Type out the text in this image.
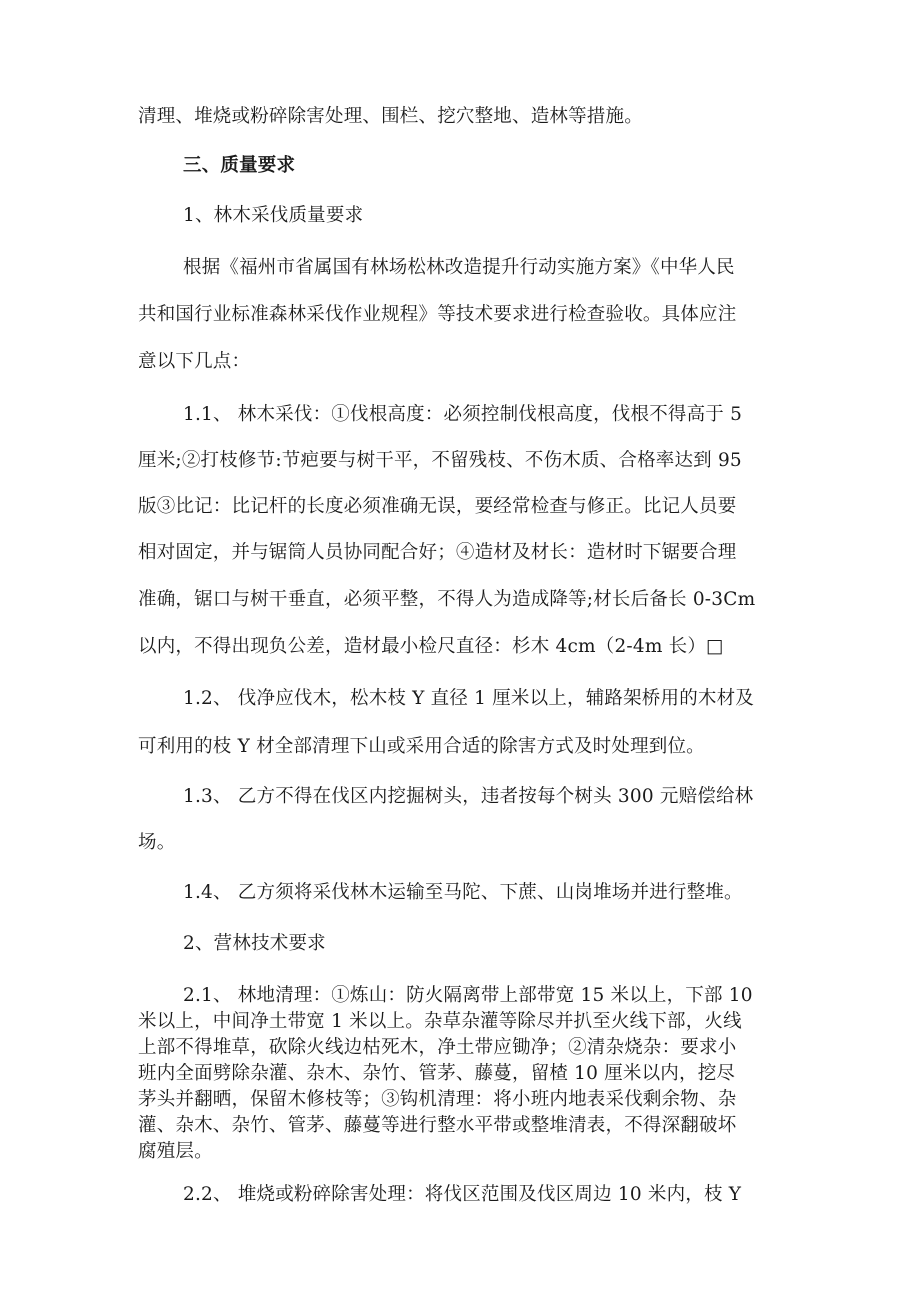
清理、堆烧或粉碎除害处理、围栏、挖穴整地、造林等措施。
三、质量要求
1、林木采伐质量要求
根据《福州市省属国有林场松林改造提升行动实施方案》《中华人民
共和国行业标准森林采伐作业规程》等技术要求进行检查验收。具体应注
意以下几点：
1.1、 林木采伐：①伐根高度：必须控制伐根高度，伐根不得高于 5
厘米;②打枝修节:节疤要与树干平，不留残枝、不伤木质、合格率达到 95
版③比记：比记杆的长度必须准确无误，要经常检查与修正。比记人员要
相对固定，并与锯筒人员协同配合好；④造材及材长：造材时下锯要合理
准确，锯口与树干垂直，必须平整，不得人为造成降等;材长后备长 0-3Cm
以内，不得出现负公差，造材最小检尺直径：杉木 4cm（2-4m 长）□
1.2、 伐净应伐木，松木枝 Y 直径 1 厘米以上，辅路架桥用的木材及
可利用的枝 Y 材全部清理下山或采用合适的除害方式及时处理到位。
1.3、 乙方不得在伐区内挖掘树头，违者按每个树头 300 元赔偿给林
场。
1.4、 乙方须将采伐林木运输至马陀、下蔗、山岗堆场并进行整堆。
2、营林技术要求
2.1、 林地清理：①炼山：防火隔离带上部带宽 15 米以上，下部 10
米以上，中间净土带宽 1 米以上。杂草杂灌等除尽并扒至火线下部，火线
上部不得堆草，砍除火线边枯死木，净土带应锄净；②清杂烧杂：要求小
班内全面劈除杂灌、杂木、杂竹、管茅、藤蔓，留楂 10 厘米以内，挖尽
茅头并翻晒，保留木修枝等；③钩机清理：将小班内地表采伐剩余物、杂
灌、杂木、杂竹、管茅、藤蔓等进行整水平带或整堆清表，不得深翻破坏
腐殖层。
2.2、 堆烧或粉碎除害处理：将伐区范围及伐区周边 10 米内，枝 Y
